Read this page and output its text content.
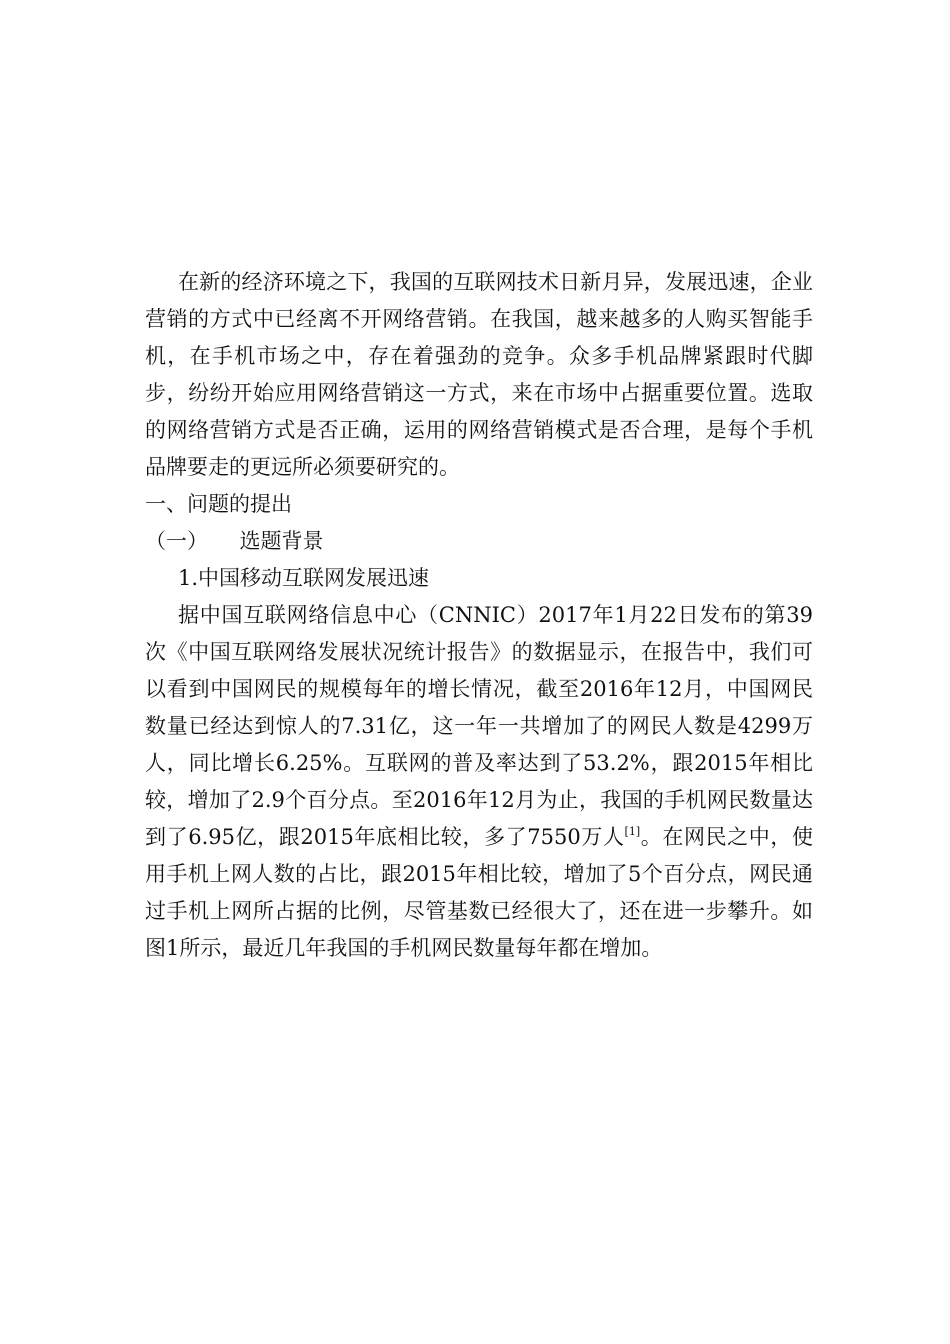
在新的经济环境之下，我国的互联网技术日新月异，发展迅速，企业营销的方式中已经离不开网络营销。在我国，越来越多的人购买智能手机，在手机市场之中，存在着强劲的竞争。众多手机品牌紧跟时代脚步，纷纷开始应用网络营销这一方式，来在市场中占据重要位置。选取的网络营销方式是否正确，运用的网络营销模式是否合理，是每个手机品牌要走的更远所必须要研究的。

一、问题的提出

（一）　　选题背景

1.中国移动互联网发展迅速

据中国互联网络信息中心（CNNIC）2017年1月22日发布的第39次《中国互联网络发展状况统计报告》的数据显示，在报告中，我们可以看到中国网民的规模每年的增长情况，截至2016年12月，中国网民数量已经达到惊人的7.31亿，这一年一共增加了的网民人数是4299万人，同比增长6.25%。互联网的普及率达到了53.2%，跟2015年相比较，增加了2.9个百分点。至2016年12月为止，我国的手机网民数量达到了6.95亿，跟2015年底相比较，多了7550万人[1]。在网民之中，使用手机上网人数的占比，跟2015年相比较，增加了5个百分点，网民通过手机上网所占据的比例，尽管基数已经很大了，还在进一步攀升。如图1所示，最近几年我国的手机网民数量每年都在增加。
